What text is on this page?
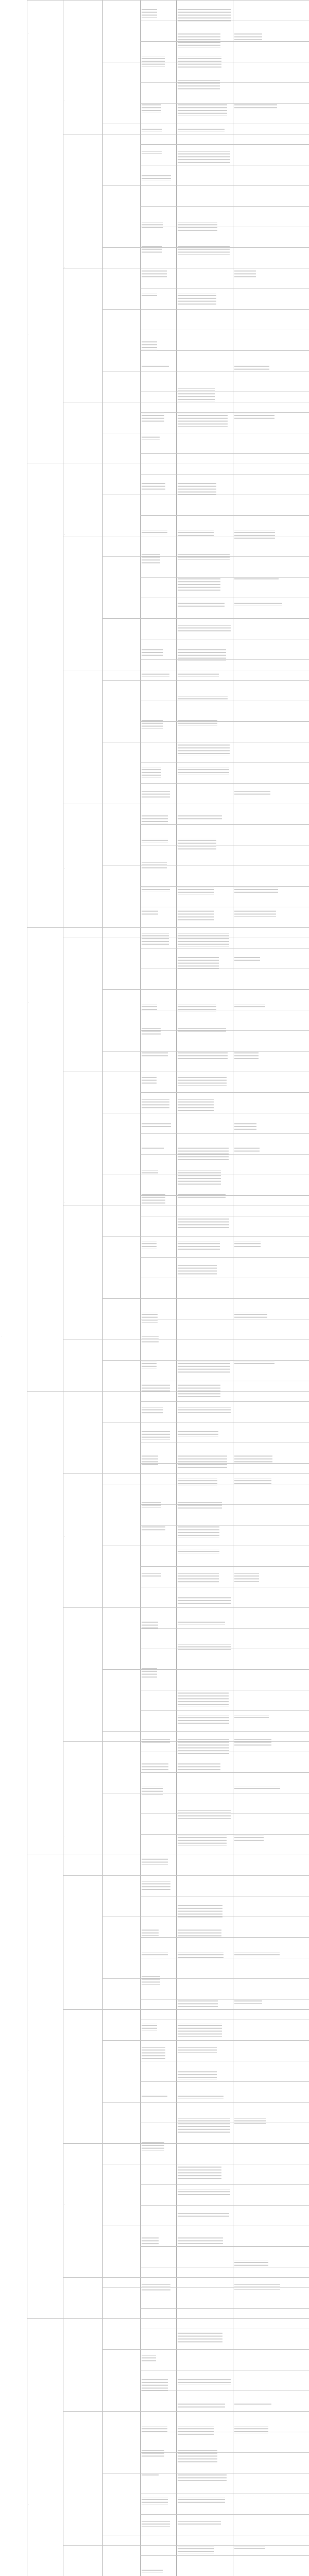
…
…
…
…
…
…
…
…
…
…
…
…
…
…
…
…
